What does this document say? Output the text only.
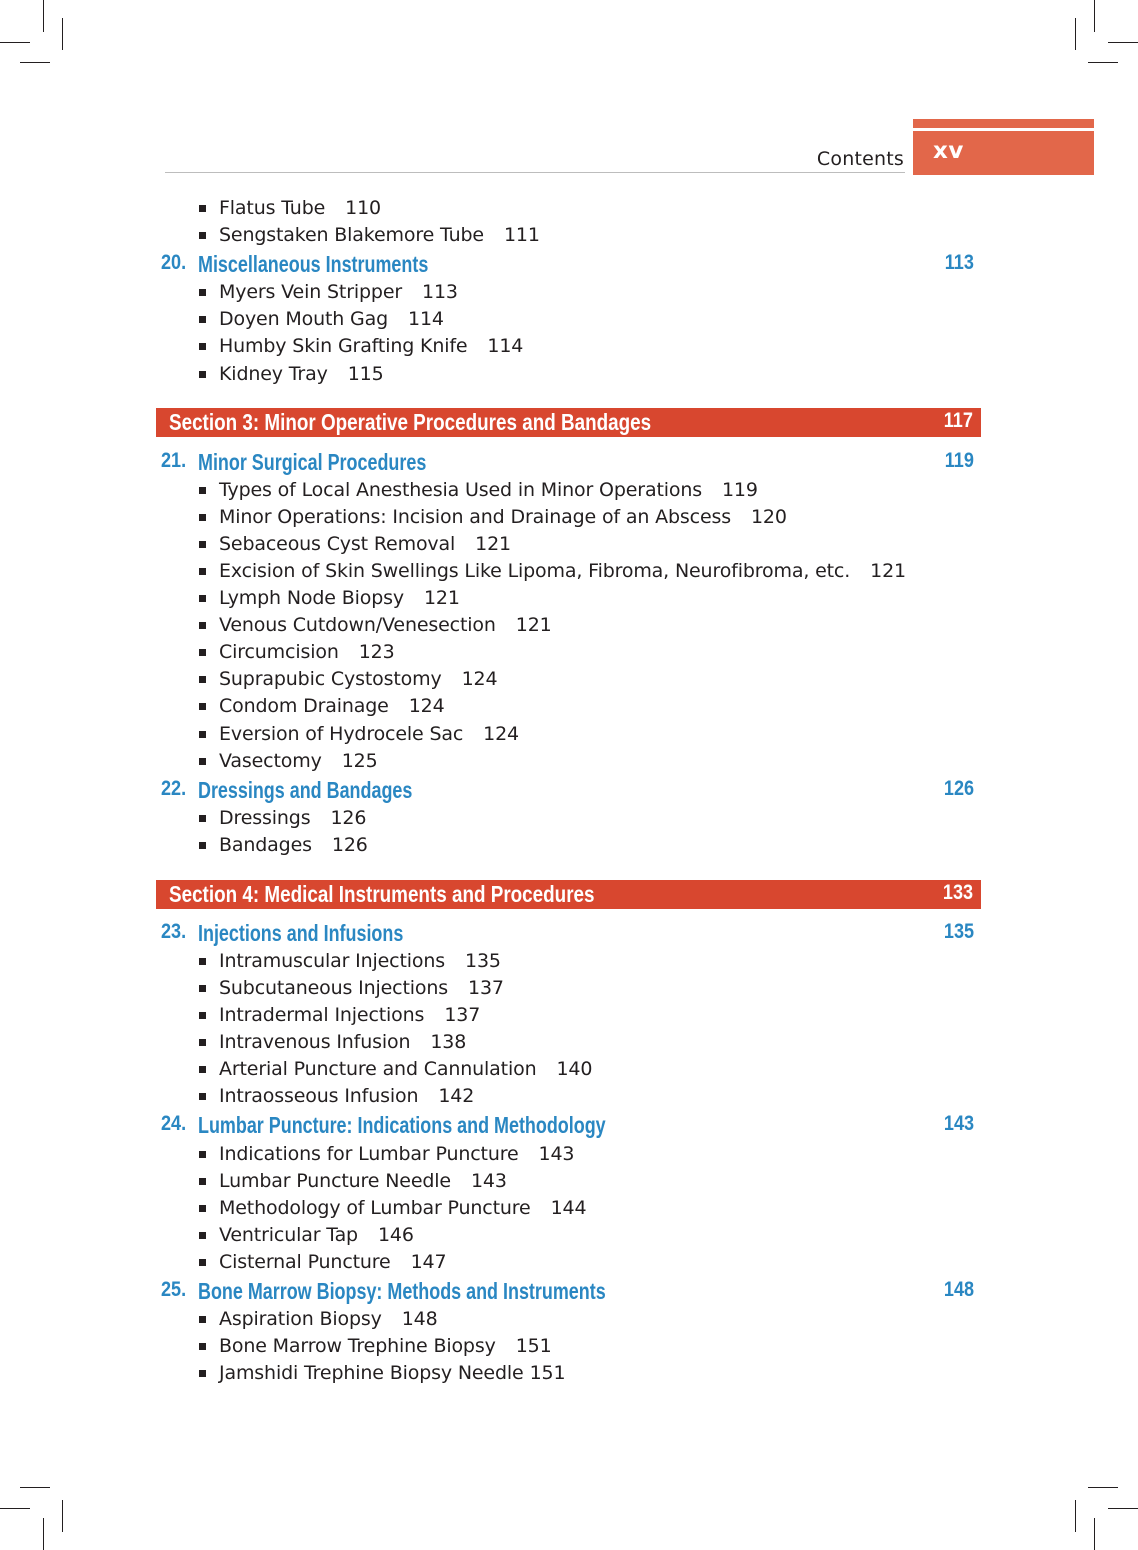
Contents xv
Flatus Tube 110
Sengstaken Blakemore Tube 111
20. Miscellaneous Instruments	113
Myers Vein Stripper 113
Doyen Mouth Gag 114
Humby Skin Grafting Knife 114
Kidney Tray 115
Section 3: Minor Operative Procedures and Bandages	117
21. Minor Surgical Procedures	119
Types of Local Anesthesia Used in Minor Operations 119
Minor Operations: Incision and Drainage of an Abscess 120
Sebaceous Cyst Removal 121
Excision of Skin Swellings Like Lipoma, Fibroma, Neurofibroma, etc. 121
Lymph Node Biopsy 121
Venous Cutdown/Venesection 121
Circumcision 123
Suprapubic Cystostomy 124
Condom Drainage 124
Eversion of Hydrocele Sac 124
Vasectomy 125
22. Dressings and Bandages	126
Dressings 126
Bandages 126
Section 4: Medical Instruments and Procedures	133
23. Injections and Infusions	135
Intramuscular Injections 135
Subcutaneous Injections 137
Intradermal Injections 137
Intravenous Infusion 138
Arterial Puncture and Cannulation 140
Intraosseous Infusion 142
24. Lumbar Puncture: Indications and Methodology	143
Indications for Lumbar Puncture 143
Lumbar Puncture Needle 143
Methodology of Lumbar Puncture 144
Ventricular Tap 146
Cisternal Puncture 147
25. Bone Marrow Biopsy: Methods and Instruments	148
Aspiration Biopsy 148
Bone Marrow Trephine Biopsy 151
Jamshidi Trephine Biopsy Needle 151
